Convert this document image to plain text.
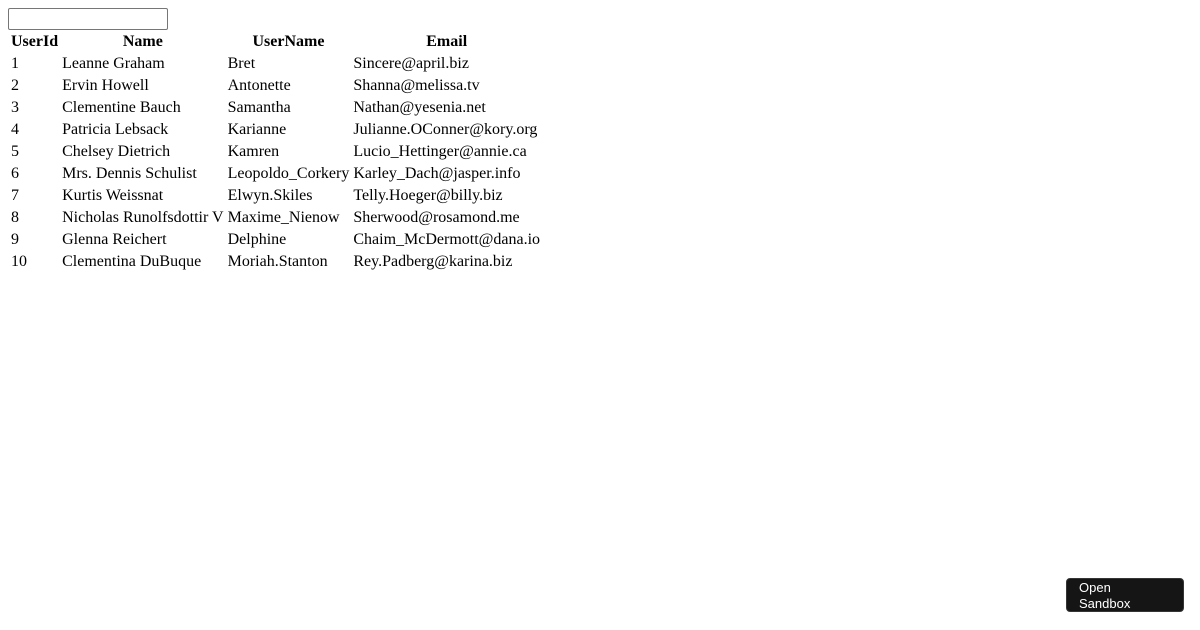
UserId	Name	UserName	Email
1	Leanne Graham	Bret	Sincere@april.biz
2	Ervin Howell	Antonette	Shanna@melissa.tv
3	Clementine Bauch	Samantha	Nathan@yesenia.net
4	Patricia Lebsack	Karianne	Julianne.OConner@kory.org
5	Chelsey Dietrich	Kamren	Lucio_Hettinger@annie.ca
6	Mrs. Dennis Schulist	Leopoldo_Corkery	Karley_Dach@jasper.info
7	Kurtis Weissnat	Elwyn.Skiles	Telly.Hoeger@billy.biz
8	Nicholas Runolfsdottir V	Maxime_Nienow	Sherwood@rosamond.me
9	Glenna Reichert	Delphine	Chaim_McDermott@dana.io
10	Clementina DuBuque	Moriah.Stanton	Rey.Padberg@karina.biz
Open Sandbox
